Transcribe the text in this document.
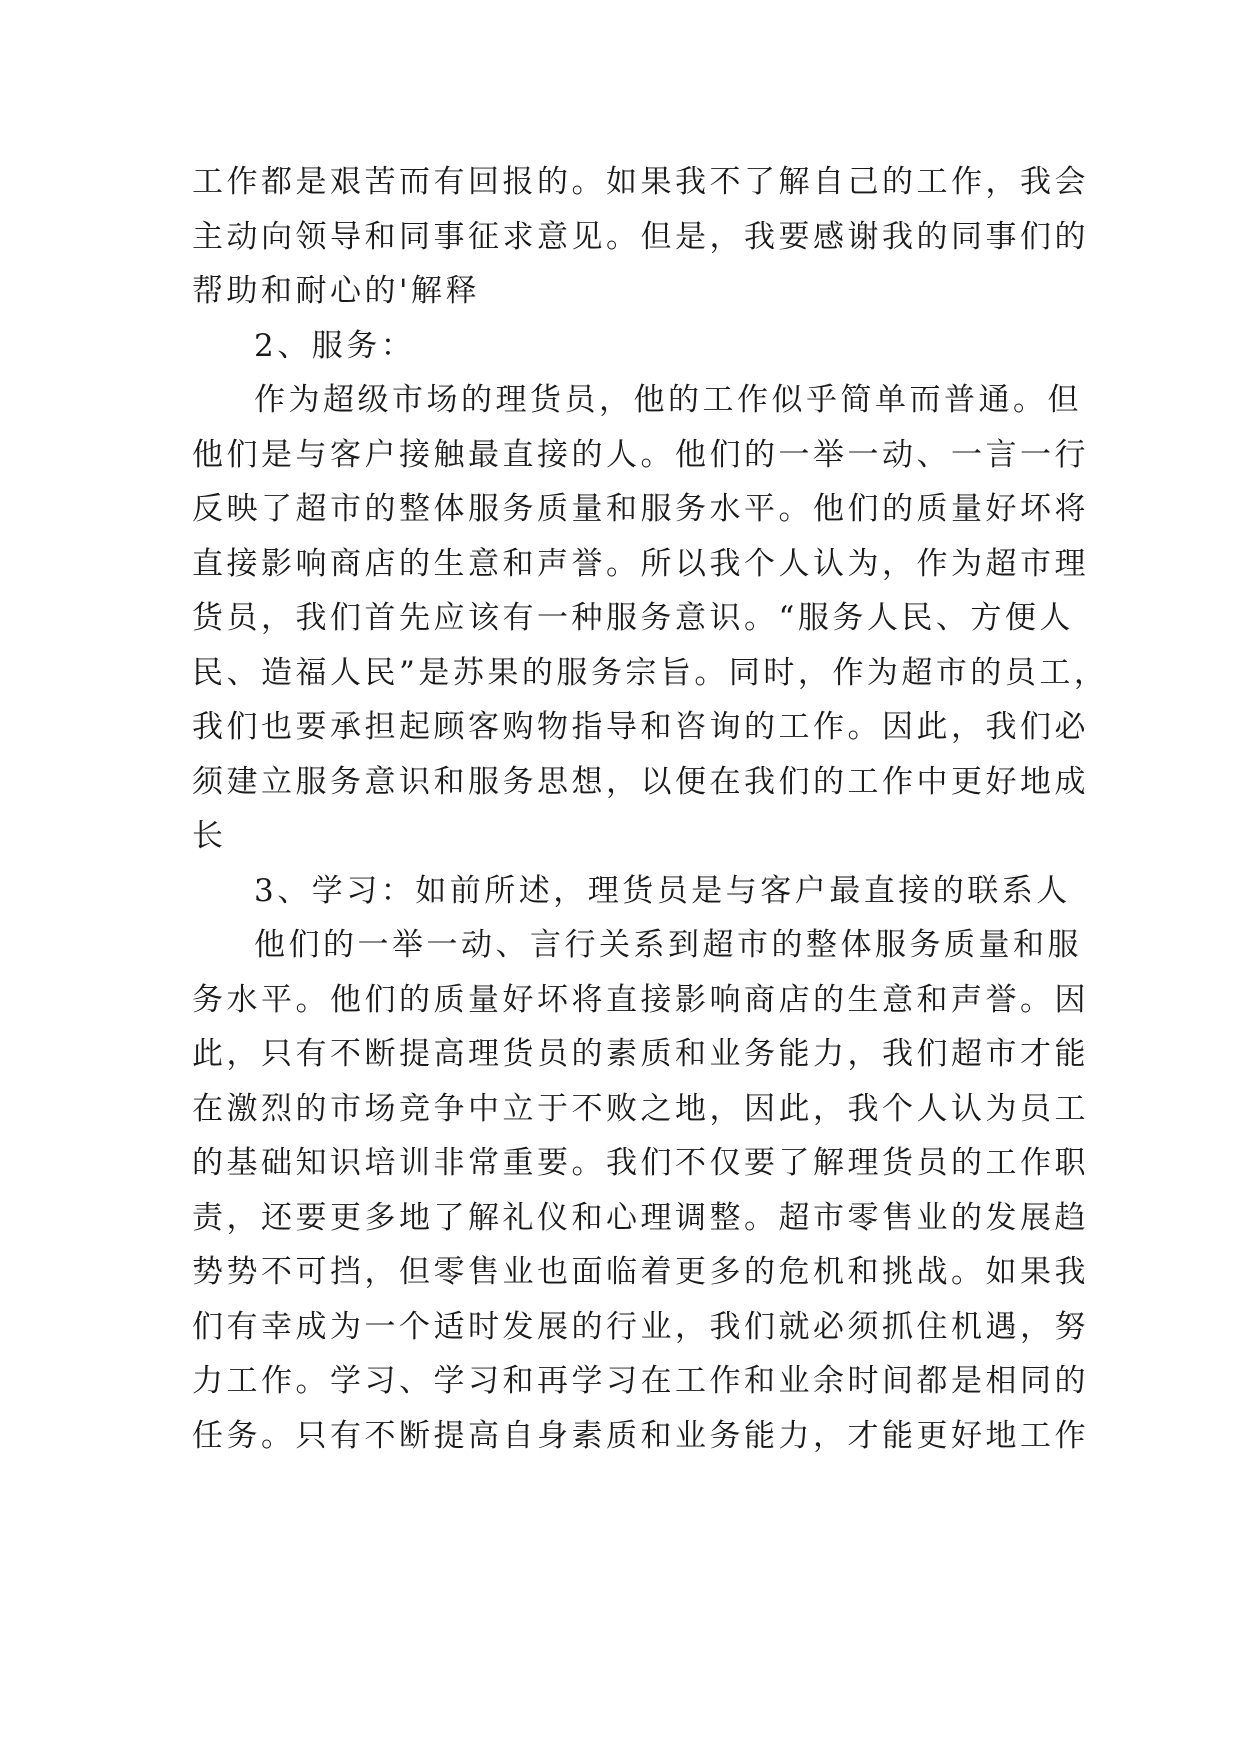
工作都是艰苦而有回报的。如果我不了解自己的工作，我会
主动向领导和同事征求意见。但是，我要感谢我的同事们的
帮助和耐心的'解释
2、服务：
作为超级市场的理货员，他的工作似乎简单而普通。但
他们是与客户接触最直接的人。他们的一举一动、一言一行
反映了超市的整体服务质量和服务水平。他们的质量好坏将
直接影响商店的生意和声誉。所以我个人认为，作为超市理
货员，我们首先应该有一种服务意识。“服务人民、方便人
民、造福人民”是苏果的服务宗旨。同时，作为超市的员工，
我们也要承担起顾客购物指导和咨询的工作。因此，我们必
须建立服务意识和服务思想，以便在我们的工作中更好地成
长
3、学习：如前所述，理货员是与客户最直接的联系人
他们的一举一动、言行关系到超市的整体服务质量和服
务水平。他们的质量好坏将直接影响商店的生意和声誉。因
此，只有不断提高理货员的素质和业务能力，我们超市才能
在激烈的市场竞争中立于不败之地，因此，我个人认为员工
的基础知识培训非常重要。我们不仅要了解理货员的工作职
责，还要更多地了解礼仪和心理调整。超市零售业的发展趋
势势不可挡，但零售业也面临着更多的危机和挑战。如果我
们有幸成为一个适时发展的行业，我们就必须抓住机遇，努
力工作。学习、学习和再学习在工作和业余时间都是相同的
任务。只有不断提高自身素质和业务能力，才能更好地工作
